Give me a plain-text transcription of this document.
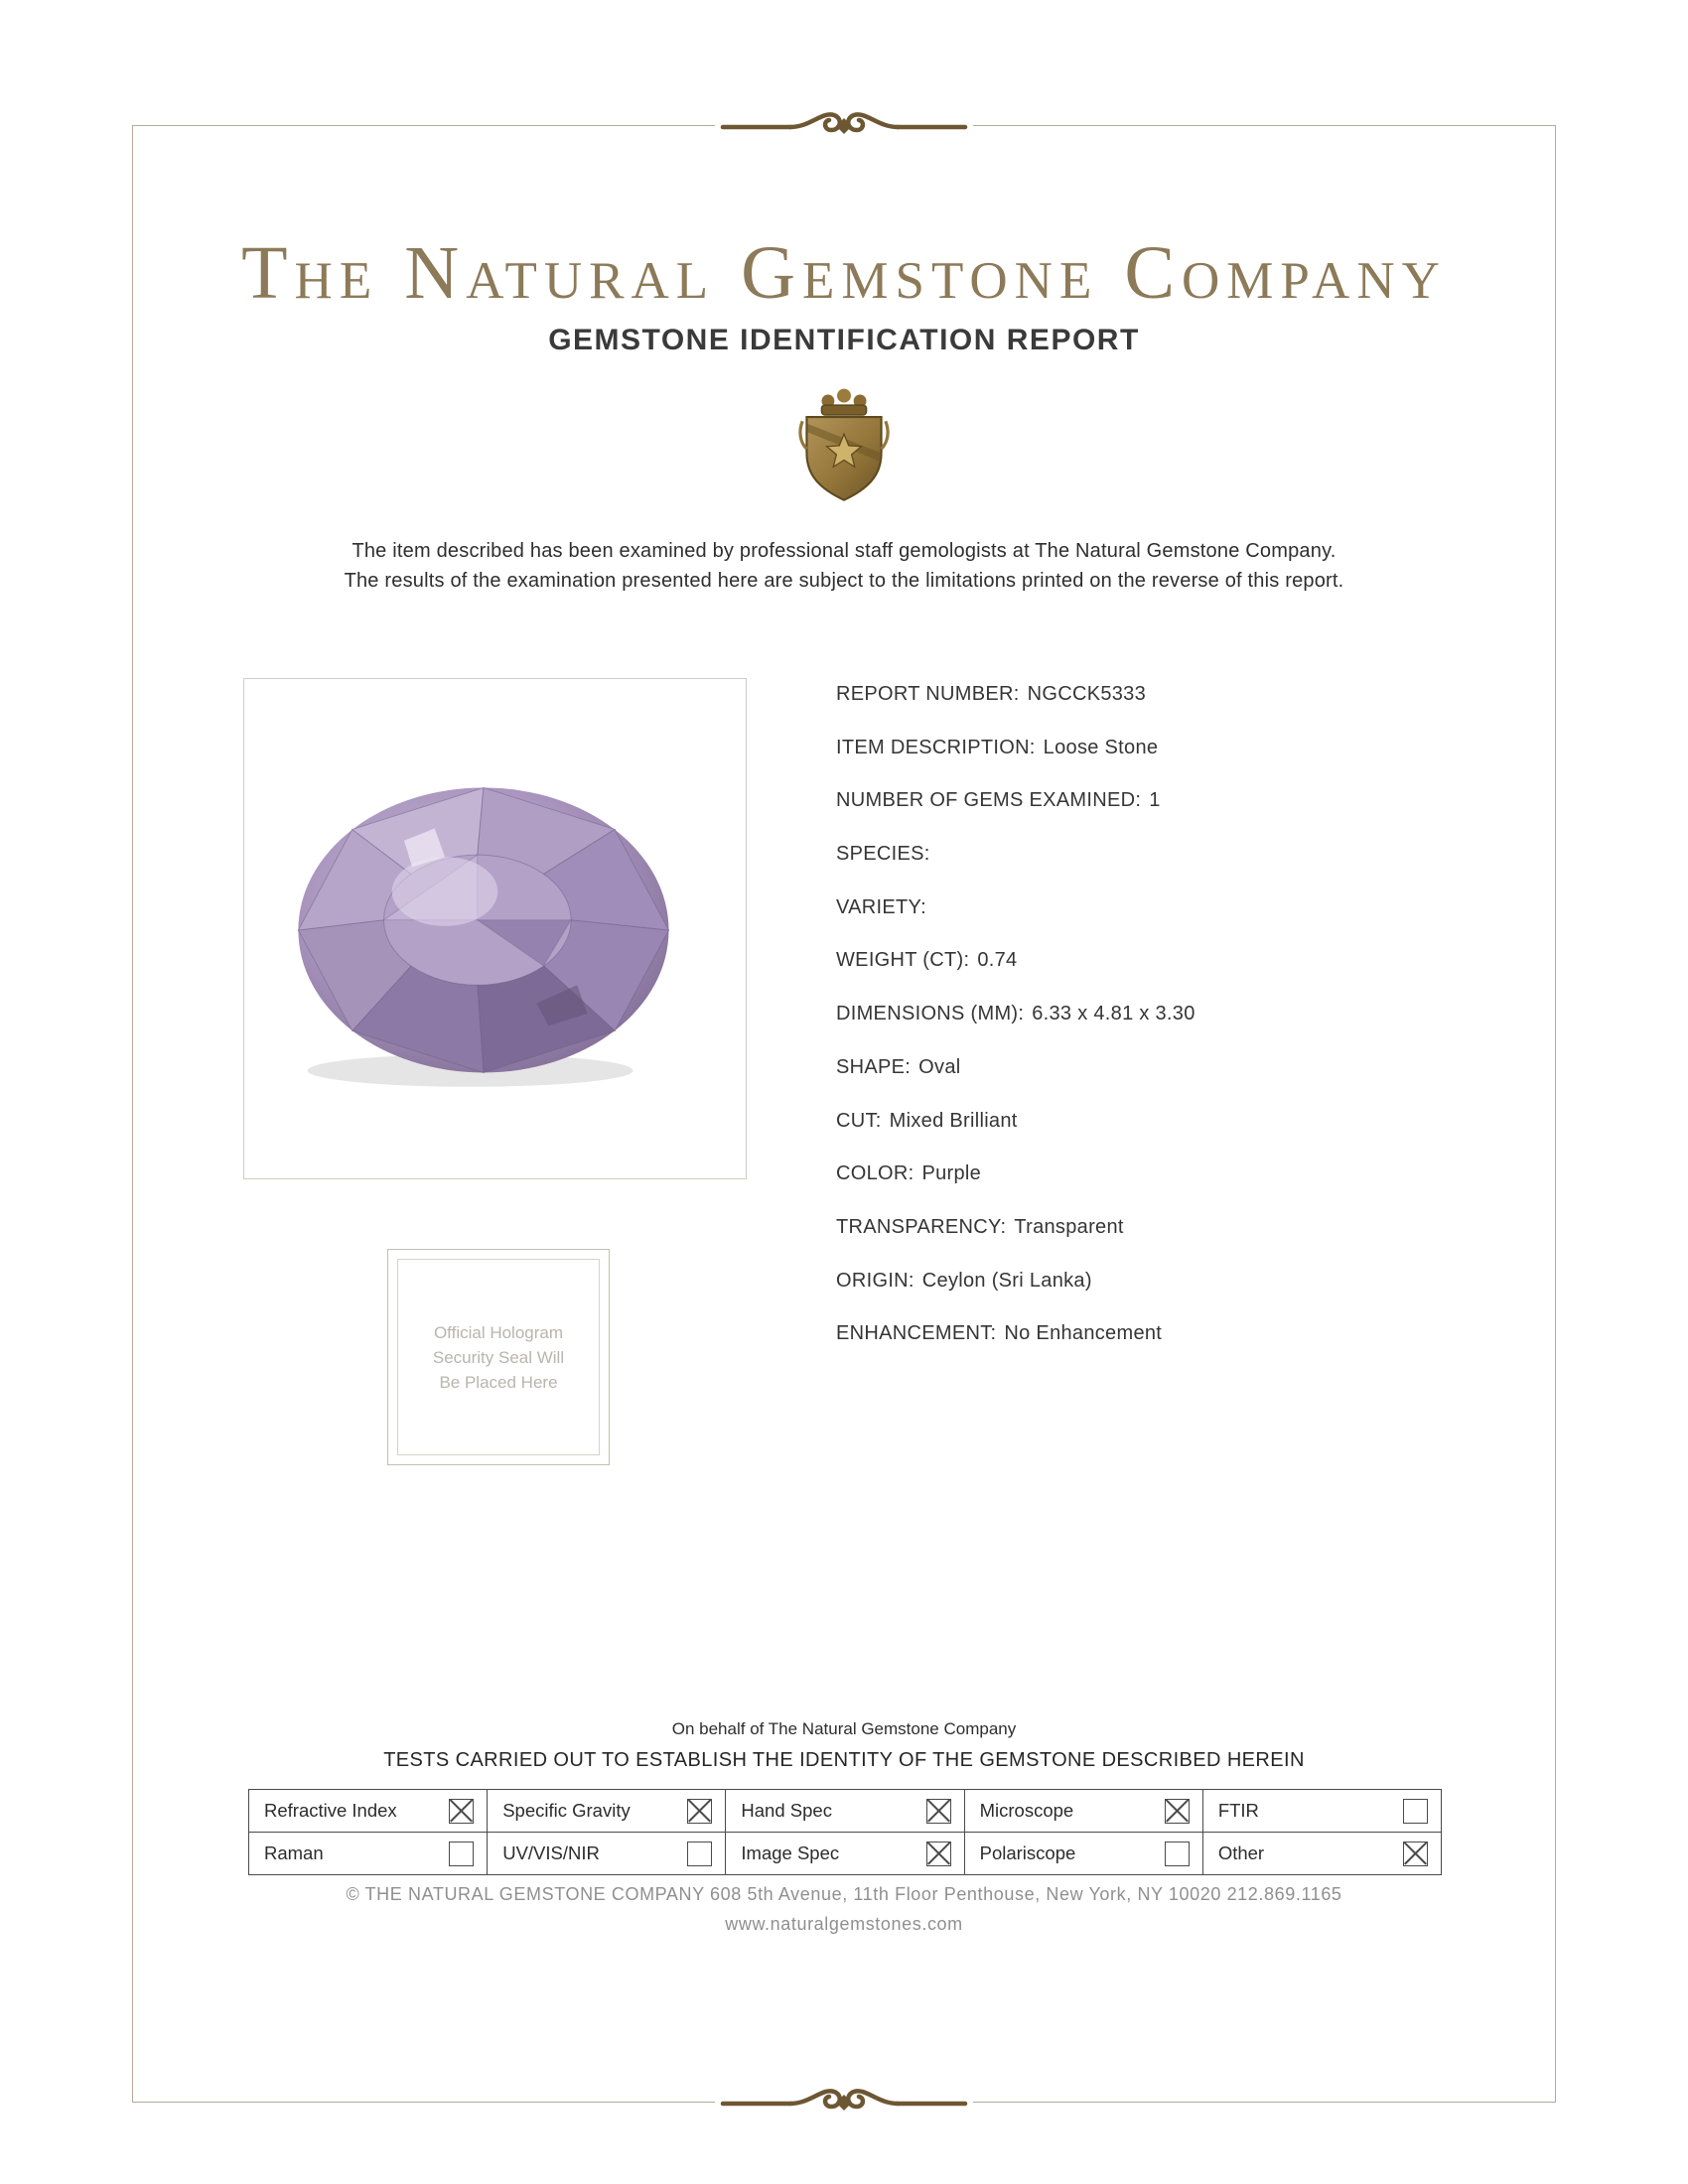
The Natural Gemstone Company
GEMSTONE IDENTIFICATION REPORT

The item described has been examined by professional staff gemologists at The Natural Gemstone Company.
The results of the examination presented here are subject to the limitations printed on the reverse of this report.

REPORT NUMBER: NGCCK5333
ITEM DESCRIPTION: Loose Stone
NUMBER OF GEMS EXAMINED: 1
SPECIES:
VARIETY:
WEIGHT (CT): 0.74
DIMENSIONS (MM): 6.33 x 4.81 x 3.30
SHAPE: Oval
CUT: Mixed Brilliant
COLOR: Purple
TRANSPARENCY: Transparent
ORIGIN: Ceylon (Sri Lanka)
ENHANCEMENT: No Enhancement
Official Hologram
Security Seal Will
Be Placed Here
On behalf of The Natural Gemstone Company
TESTS CARRIED OUT TO ESTABLISH THE IDENTITY OF THE GEMSTONE DESCRIBED HEREIN
Refractive Index	Specific Gravity	Hand Spec	Microscope	FTIR
Raman	UV/VIS/NIR	Image Spec	Polariscope	Other
© THE NATURAL GEMSTONE COMPANY 608 5th Avenue, 11th Floor Penthouse, New York, NY 10020 212.869.1165
www.naturalgemstones.com
